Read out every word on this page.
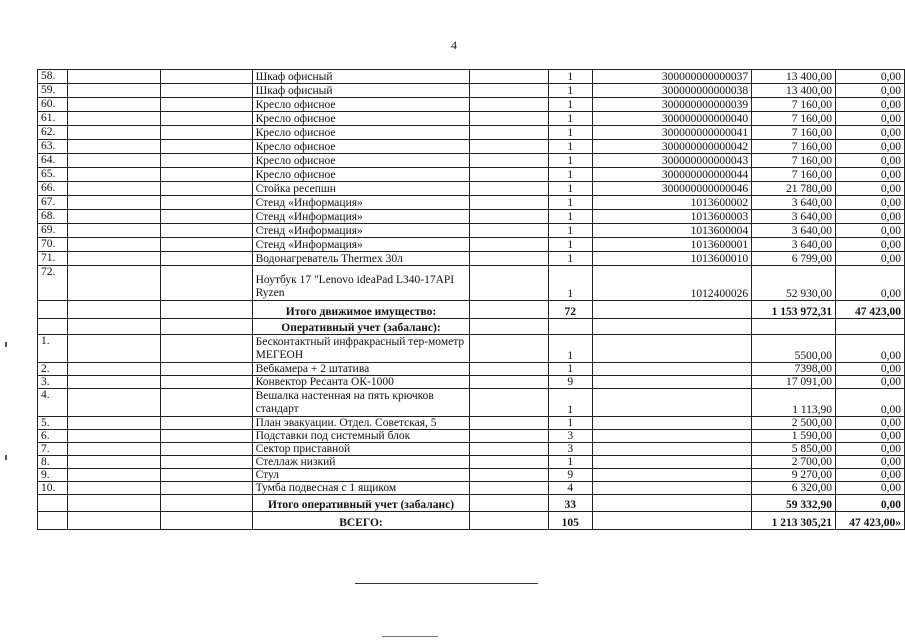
4
58.			Шкаф офисный		1	300000000000037	13 400,00	0,00
59.			Шкаф офисный		1	300000000000038	13 400,00	0,00
60.			Кресло офисное		1	300000000000039	7 160,00	0,00
61.			Кресло офисное		1	300000000000040	7 160,00	0,00
62.			Кресло офисное		1	300000000000041	7 160,00	0,00
63.			Кресло офисное		1	300000000000042	7 160,00	0,00
64.			Кресло офисное		1	300000000000043	7 160,00	0,00
65.			Кресло офисное		1	300000000000044	7 160,00	0,00
66.			Стойка ресепшн		1	300000000000046	21 780,00	0,00
67.			Стенд «Информация»		1	1013600002	3 640,00	0,00
68.			Стенд «Информация»		1	1013600003	3 640,00	0,00
69.			Стенд «Информация»		1	1013600004	3 640,00	0,00
70.			Стенд «Информация»		1	1013600001	3 640,00	0,00
71.			Водонагреватель Thermex 30л		1	1013600010	6 799,00	0,00
72.			Ноутбук 17 "Lenovo ideaPad L340-17API Ryzen		1	1012400026	52 930,00	0,00
			Итого движимое имущество:		72		1 153 972,31	47 423,00
			Оперативный учет (забаланс):					
1.			Бесконтактный инфракрасный тер-мометр МЕГЕОН		1		5500,00	0,00
2.			Вебкамера + 2 штатива		1		7398,00	0,00
3.			Конвектор Ресанта ОК-1000		9		17 091,00	0,00
4.			Вешалка настенная на пять крючков стандарт		1		1 113,90	0,00
5.			План эвакуации. Отдел. Советская, 5		1		2 500,00	0,00
6.			Подставки под системный блок		3		1 590,00	0,00
7.			Сектор приставной		3		5 850,00	0,00
8.			Стеллаж низкий		1		2 700,00	0,00
9.			Стул		9		9 270,00	0,00
10.			Тумба подвесная с 1 ящиком		4		6 320,00	0,00
			Итого оперативный учет (забаланс)		33		59 332,90	0,00
			ВСЕГО:		105		1 213 305,21	47 423,00»
